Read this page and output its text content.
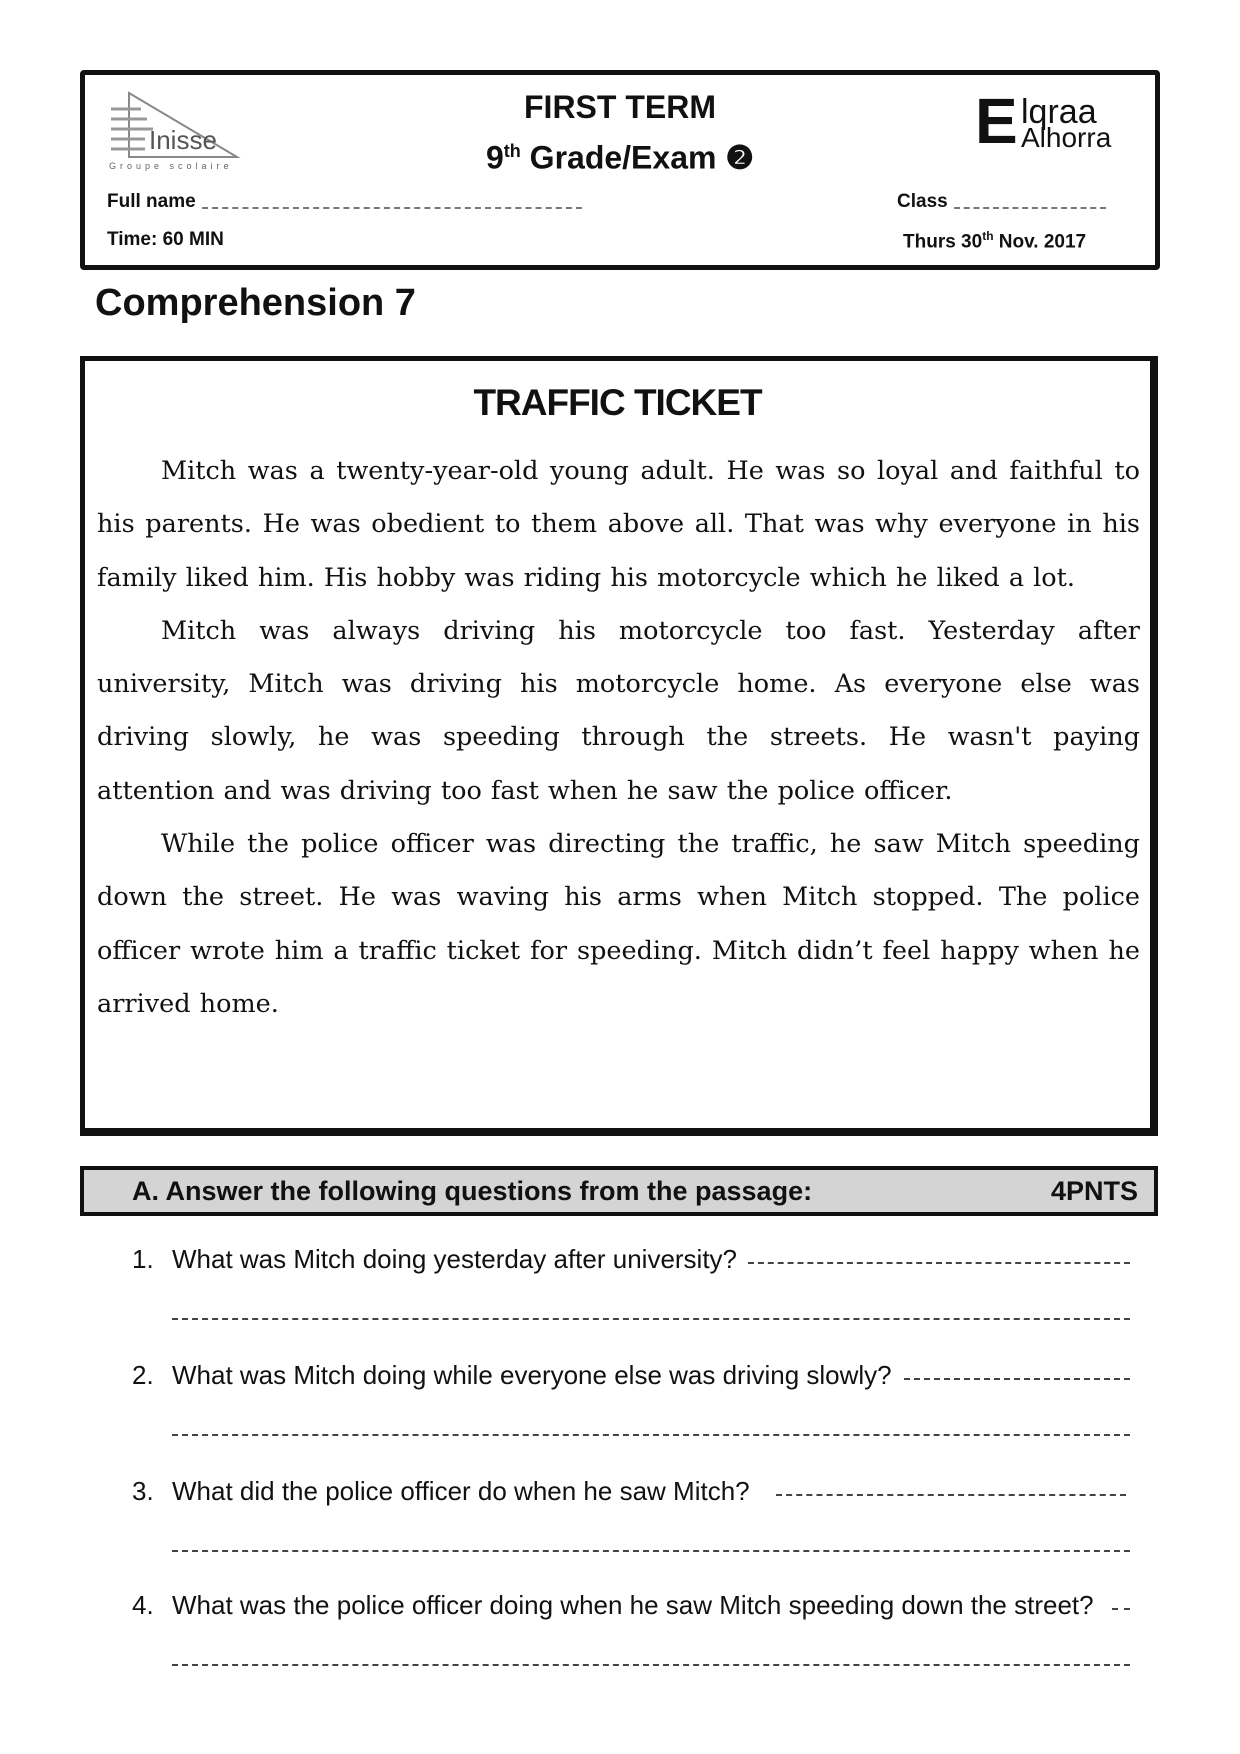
Inisse
Groupe scolaire
FIRST TERM
9th Grade/Exam ❷
E lqraa
Alhorra
Full name	Class
Time: 60 MIN	Thurs 30th Nov. 2017
Comprehension 7
TRAFFIC TICKET

Mitch was a twenty-year-old young adult. He was so loyal and faithful to his parents. He was obedient to them above all. That was why everyone in his family liked him. His hobby was riding his motorcycle which he liked a lot.

Mitch was always driving his motorcycle too fast. Yesterday after university, Mitch was driving his motorcycle home. As everyone else was driving slowly, he was speeding through the streets. He wasn't paying attention and was driving too fast when he saw the police officer.

While the police officer was directing the traffic, he saw Mitch speeding down the street. He was waving his arms when Mitch stopped. The police officer wrote him a traffic ticket for speeding. Mitch didn’t feel happy when he arrived home.

A. Answer the following questions from the passage:	4PNTS
1. What was Mitch doing yesterday after university?
2. What was Mitch doing while everyone else was driving slowly?
3. What did the police officer do when he saw Mitch?
4. What was the police officer doing when he saw Mitch speeding down the street?
